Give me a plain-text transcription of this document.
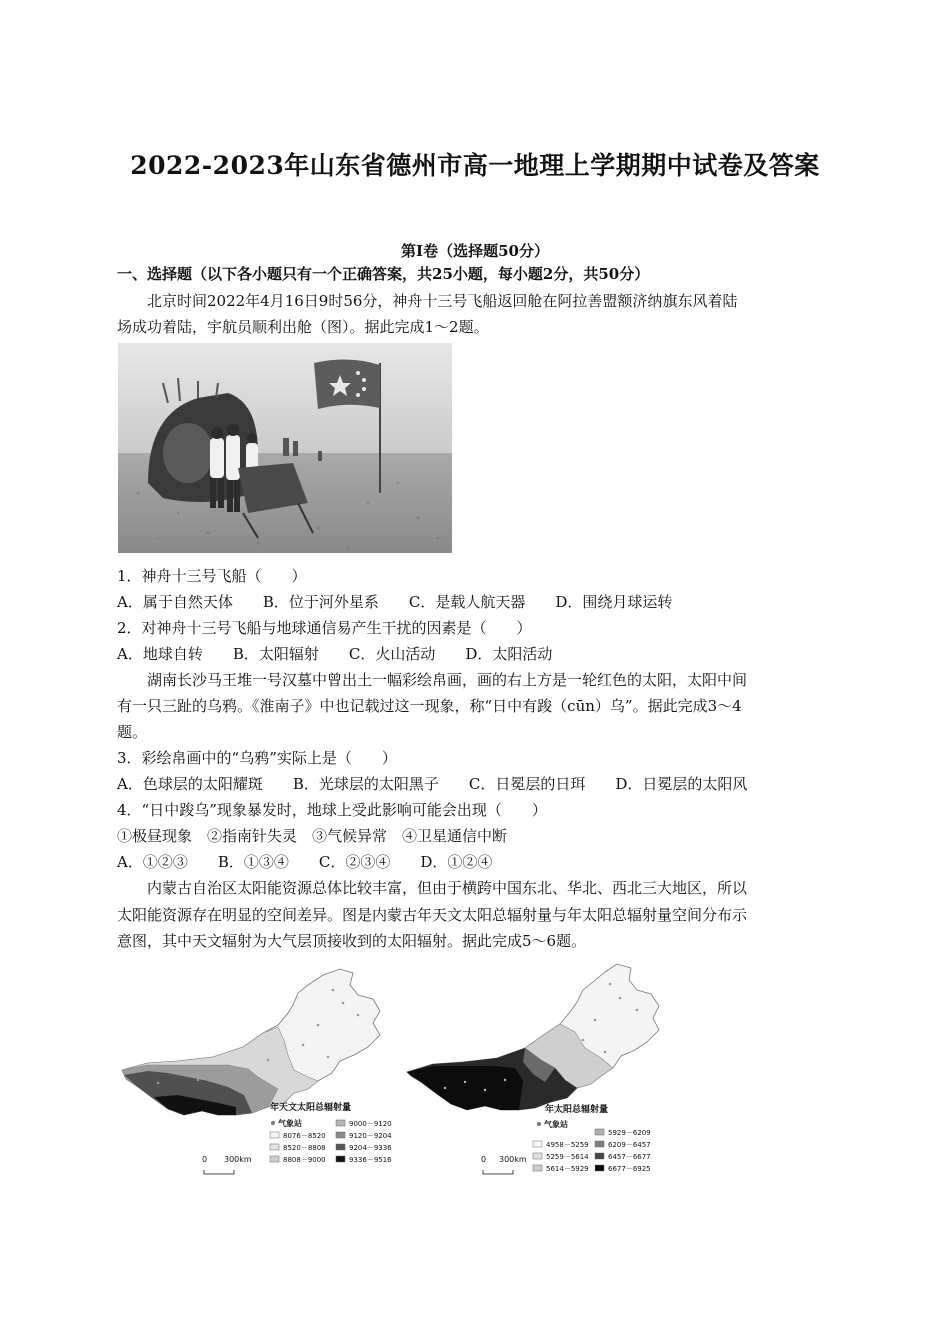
2022-2023年山东省德州市高一地理上学期期中试卷及答案
第Ⅰ卷（选择题50分）
一、选择题（以下各小题只有一个正确答案，共25小题，每小题2分，共50分）
北京时间2022年4月16日9时56分，神舟十三号飞船返回舱在阿拉善盟额济纳旗东风着陆
场成功着陆，宇航员顺利出舱（图）。据此完成1～2题。
1．神舟十三号飞船（　　）
A．属于自然天体　　B．位于河外星系　　C．是载人航天器　　D．围绕月球运转
2．对神舟十三号飞船与地球通信易产生干扰的因素是（　　）
A．地球自转　　B．太阳辐射　　C．火山活动　　D．太阳活动
湖南长沙马王堆一号汉墓中曾出土一幅彩绘帛画，画的右上方是一轮红色的太阳，太阳中间
有一只三趾的乌鸦。《淮南子》中也记载过这一现象，称“日中有踆（cūn）乌”。据此完成3～4
题。
3．彩绘帛画中的“乌鸦”实际上是（　　）
A．色球层的太阳耀斑　　B．光球层的太阳黑子　　C．日冕层的日珥　　D．日冕层的太阳风
4．“日中踆乌”现象暴发时，地球上受此影响可能会出现（　　）
①极昼现象　②指南针失灵　③气候异常　④卫星通信中断
A．①②③　　B．①③④　　C．②③④　　D．①②④
内蒙古自治区太阳能资源总体比较丰富，但由于横跨中国东北、华北、西北三大地区，所以
太阳能资源存在明显的空间差异。图是内蒙古年天文太阳总辐射量与年太阳总辐射量空间分布示
意图，其中天文辐射为大气层顶接收到的太阳辐射。据此完成5～6题。
年天文太阳总辐射量
气象站
8076－8520
8520－8808
8808－9000
9000－9120
9120－9204
9204－9336
9336－9516
0 300km
年太阳总辐射量
气象站
4958－5259
5259－5614
5614－5929
5929－6209
6209－6457
6457－6677
6677－6925
0 300km
